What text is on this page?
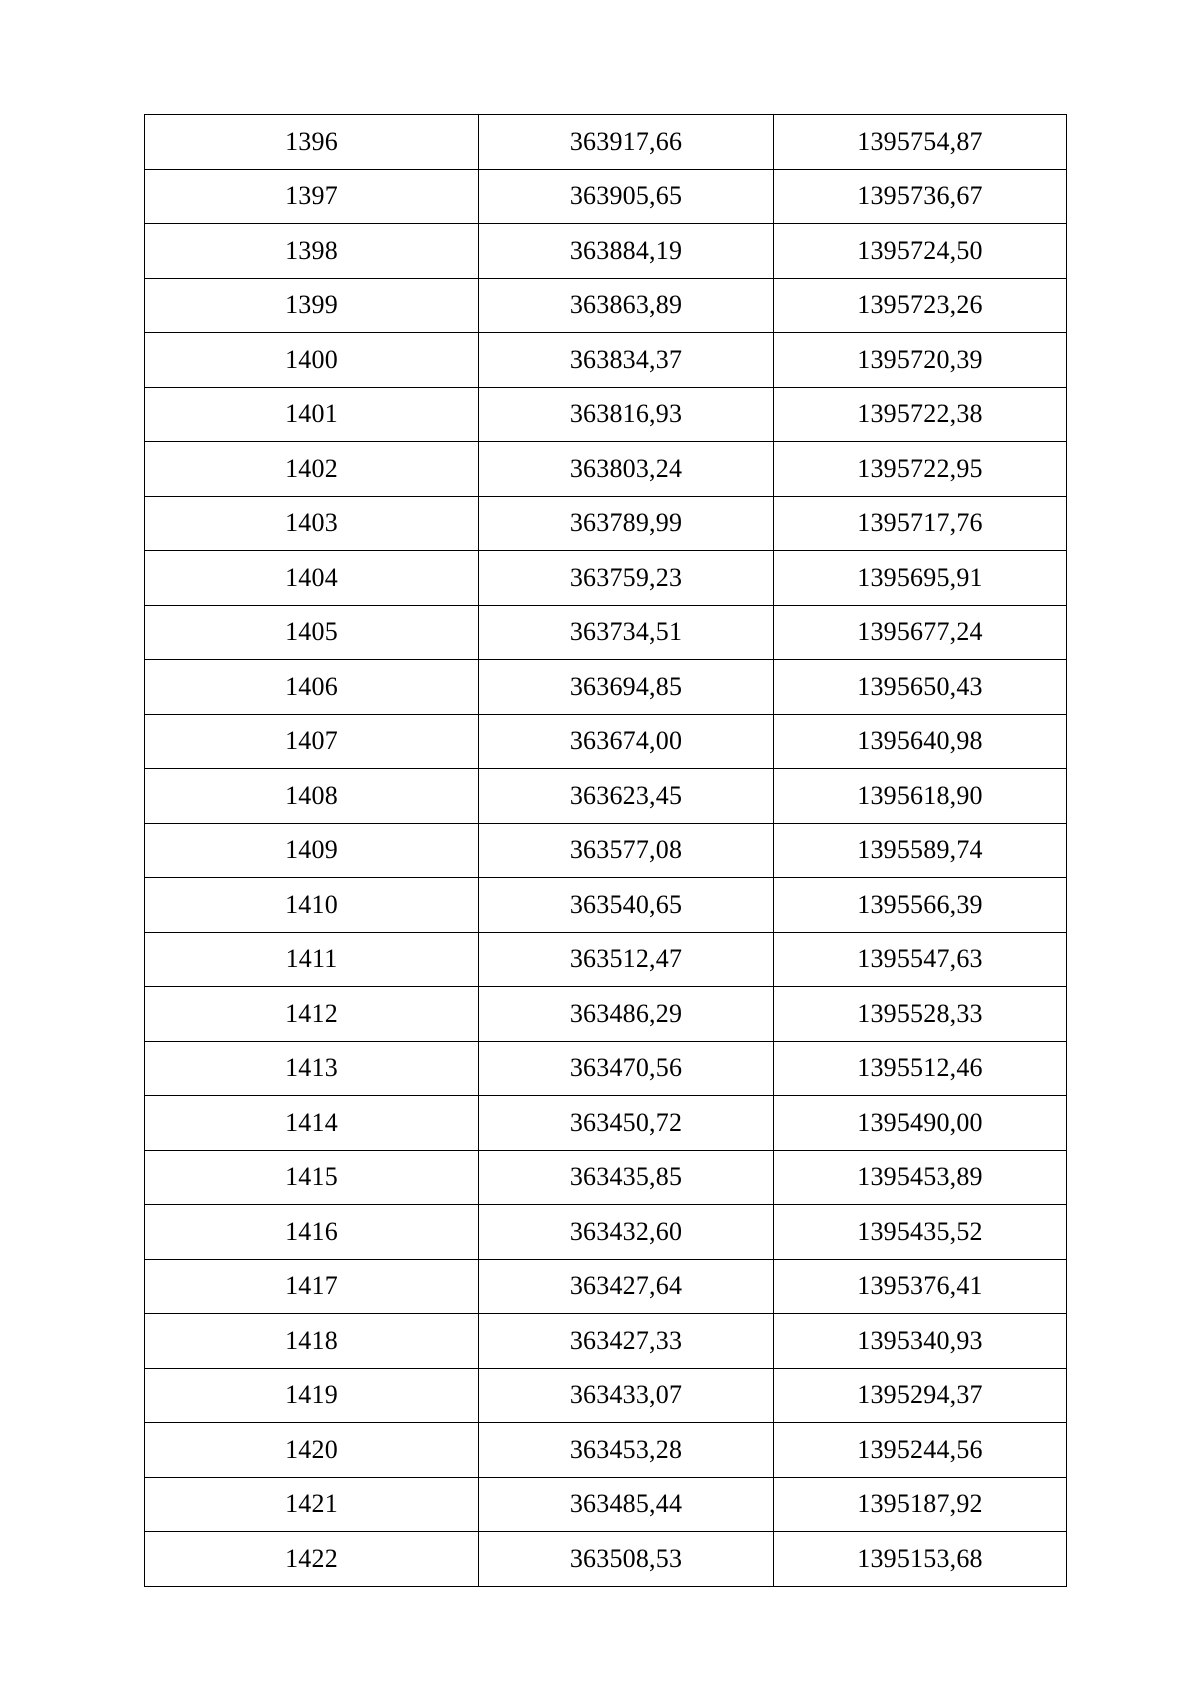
1396	363917,66	1395754,87
1397	363905,65	1395736,67
1398	363884,19	1395724,50
1399	363863,89	1395723,26
1400	363834,37	1395720,39
1401	363816,93	1395722,38
1402	363803,24	1395722,95
1403	363789,99	1395717,76
1404	363759,23	1395695,91
1405	363734,51	1395677,24
1406	363694,85	1395650,43
1407	363674,00	1395640,98
1408	363623,45	1395618,90
1409	363577,08	1395589,74
1410	363540,65	1395566,39
1411	363512,47	1395547,63
1412	363486,29	1395528,33
1413	363470,56	1395512,46
1414	363450,72	1395490,00
1415	363435,85	1395453,89
1416	363432,60	1395435,52
1417	363427,64	1395376,41
1418	363427,33	1395340,93
1419	363433,07	1395294,37
1420	363453,28	1395244,56
1421	363485,44	1395187,92
1422	363508,53	1395153,68
